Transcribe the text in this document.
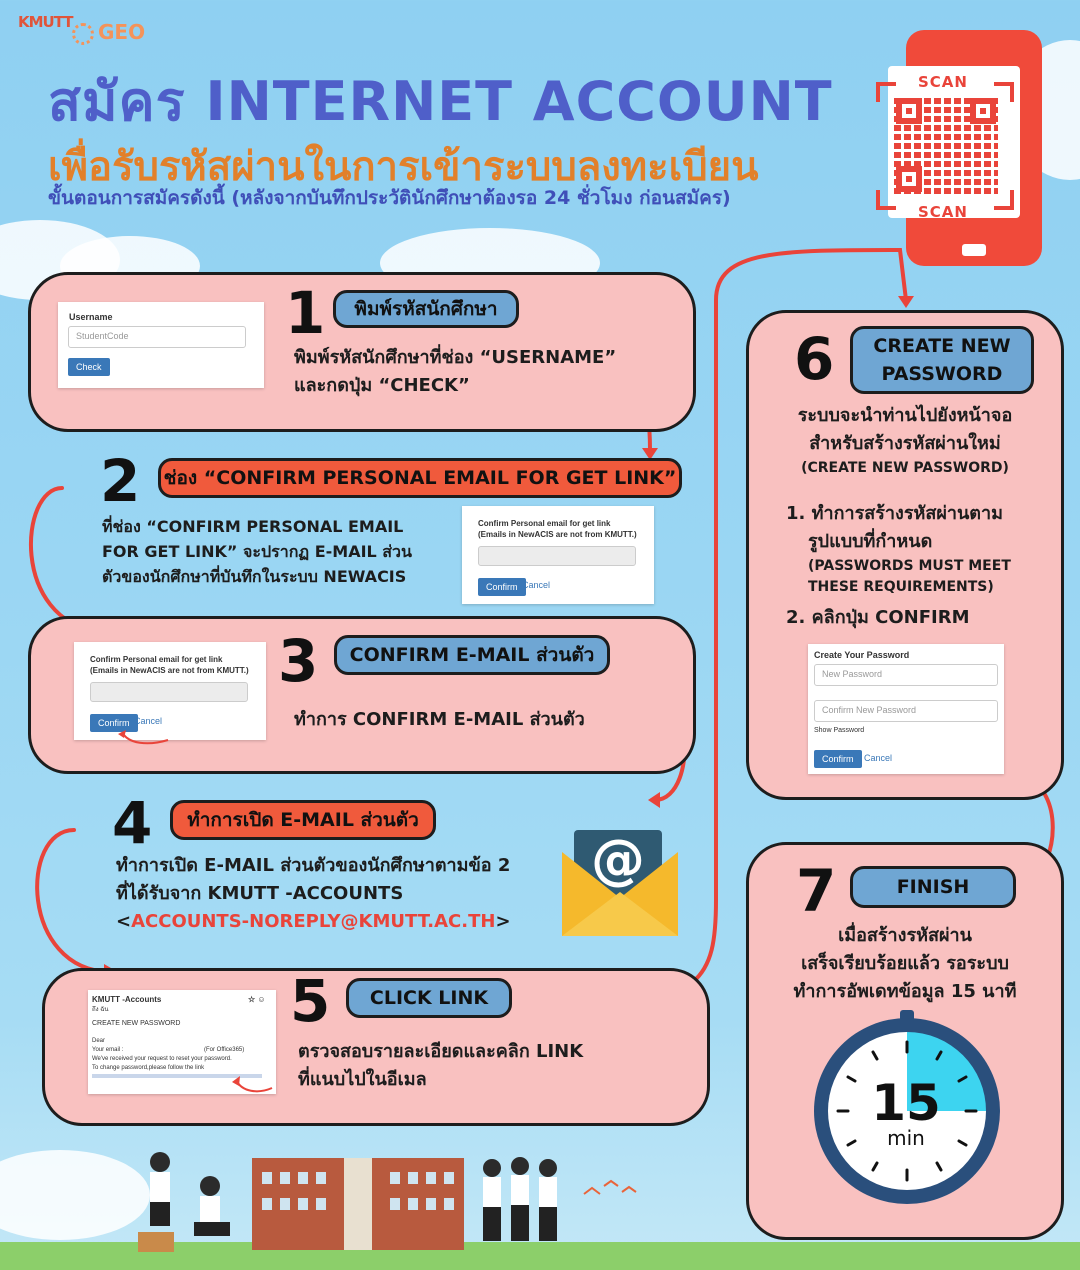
KMUTT	GEO
สมัคร INTERNET ACCOUNT
เพื่อรับรหัสผ่านในการเข้าระบบลงทะเบียน
ขั้นตอนการสมัครดังนี้ (หลังจากบันทึกประวัตินักศึกษาต้องรอ 24 ชั่วโมง ก่อนสมัคร)
SCAN
SCAN
Username
StudentCode
Check
1	พิมพ์รหัสนักศึกษา
พิมพ์รหัสนักศึกษาที่ช่อง “USERNAME”
และกดปุ่ม “CHECK”
2 ช่อง “CONFIRM PERSONAL EMAIL FOR GET LINK”
ที่ช่อง “CONFIRM PERSONAL EMAIL
FOR GET LINK” จะปรากฏ E-MAIL ส่วน
ตัวของนักศึกษาที่บันทึกในระบบ NEWACIS
Confirm Personal email for get link
(Emails in NewACIS are not from KMUTT.)
Confirm Cancel
Confirm Personal email for get link
(Emails in NewACIS are not from KMUTT.)
Confirm Cancel
3	CONFIRM E-MAIL ส่วนตัว
ทำการ CONFIRM E-MAIL ส่วนตัว
4	ทำการเปิด E-MAIL ส่วนตัว
ทำการเปิด E-MAIL ส่วนตัวของนักศึกษาตามข้อ 2
ที่ได้รับจาก KMUTT -ACCOUNTS
<ACCOUNTS-NOREPLY@KMUTT.AC.TH>
@
KMUTT -Accounts
ถึง ฉัน
☆ ☺
CREATE NEW PASSWORD
Dear
Your email :	(For Office365)
We've received your request to reset your password.
To change password,please follow the link
5	CLICK LINK
ตรวจสอบรายละเอียดและคลิก LINK
ที่แนบไปในอีเมล
6 CREATE NEW
PASSWORD
ระบบจะนำท่านไปยังหน้าจอ
สำหรับสร้างรหัสผ่านใหม่
(CREATE NEW PASSWORD)
1. ทำการสร้างรหัสผ่านตาม
รูปแบบที่กำหนด
(PASSWORDS MUST MEET
THESE REQUIREMENTS)
2. คลิกปุ่ม CONFIRM
Create Your Password
New Password
Confirm New Password
Show Password
Confirm	Cancel
7	FINISH
เมื่อสร้างรหัสผ่าน
เสร็จเรียบร้อยแล้ว รอระบบ
ทำการอัพเดทข้อมูล 15 นาที
15
min
